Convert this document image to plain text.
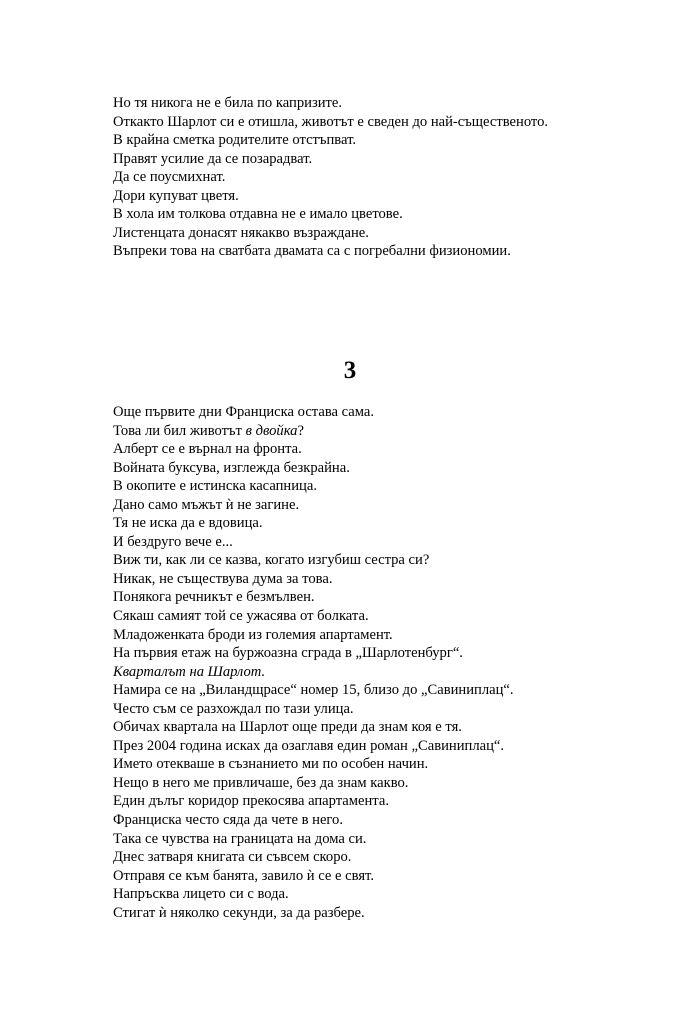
Но тя никога не е била по капризите.
Откакто Шарлот си е отишла, животът е сведен до най-същественото.
В крайна сметка родителите отстъпват.
Правят усилие да се позарадват.
Да се поусмихнат.
Дори купуват цветя.
В хола им толкова отдавна не е имало цветове.
Листенцата донасят някакво възраждане.
Въпреки това на сватбата двамата са с погребални физиономии.
3
Още първите дни Франциска остава сама.
Това ли бил животът в двойка?
Алберт се е върнал на фронта.
Войната буксува, изглежда безкрайна.
В окопите е истинска касапница.
Дано само мъжът ѝ не загине.
Тя не иска да е вдовица.
И бездруго вече е...
Виж ти, как ли се казва, когато изгубиш сестра си?
Никак, не съществува дума за това.
Понякога речникът е безмълвен.
Сякаш самият той се ужасява от болката.
Младоженката броди из големия апартамент.
На първия етаж на буржоазна сграда в „Шарлотенбург“.
Кварталът на Шарлот.
Намира се на „Виландщрасе“ номер 15, близо до „Савиниплац“.
Често съм се разхождал по тази улица.
Обичах квартала на Шарлот още преди да знам коя е тя.
През 2004 година исках да озаглавя един роман „Савиниплац“.
Името отекваше в съзнанието ми по особен начин.
Нещо в него ме привличаше, без да знам какво.
Един дълъг коридор прекосява апартамента.
Франциска често сяда да чете в него.
Така се чувства на границата на дома си.
Днес затваря книгата си съвсем скоро.
Отправя се към банята, завило ѝ се е свят.
Напръсква лицето си с вода.
Стигат ѝ няколко секунди, за да разбере.
